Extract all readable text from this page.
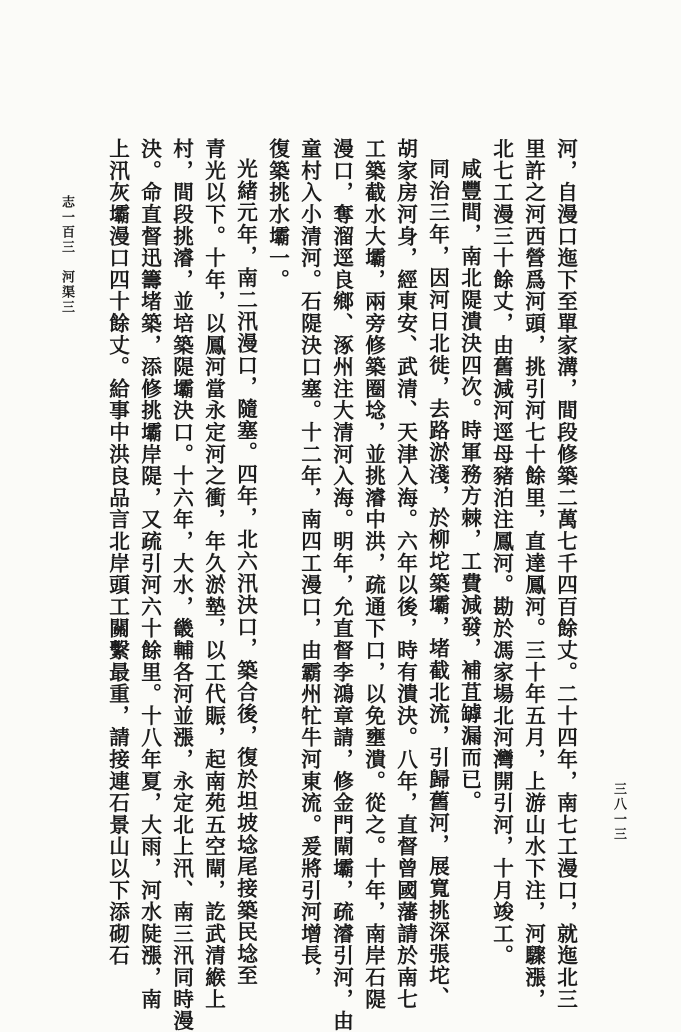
河，自漫口迤下至單家溝，間段修築二萬七千四百餘丈。二十四年，南七工漫口，就迤北三
里許之河西營爲河頭，挑引河七十餘里，直達鳳河。三十年五月，上游山水下注，河驟漲，
北七工漫三十餘丈，由舊減河逕母豬泊注鳳河。勘於馮家場北河灣開引河，十月竣工。
咸豐間，南北隄潰決四次。時軍務方棘，工費減發，補苴罅漏而已。
同治三年，因河日北徙，去路淤淺，於柳坨築壩，堵截北流，引歸舊河，展寬挑深張坨、
胡家房河身，經東安、武清、天津入海。六年以後，時有潰決。八年，直督曾國藩請於南七
工築截水大壩，兩旁修築圈埝，並挑濬中洪，疏通下口，以免壅潰。從之。十年，南岸石隄
漫口，奪溜逕良鄉、涿州注大清河入海。明年，允直督李鴻章請，修金門閘壩，疏濬引河，由
童村入小清河。石隄決口塞。十二年，南四工漫口，由霸州牤牛河東流。爰將引河增長，
復築挑水壩一。
光緒元年，南二汛漫口，隨塞。四年，北六汛決口，築合後，復於坦坡埝尾接築民埝至
青光以下。十年，以鳳河當永定河之衝，年久淤墊，以工代賑，起南苑五空閘，訖武清緱上
村，間段挑濬，並培築隄壩決口。十六年，大水，畿輔各河並漲，永定北上汛、南三汛同時漫
決。命直督迅籌堵築，添修挑壩岸隄，又疏引河六十餘里。十八年夏，大雨，河水陡漲，南
上汛灰壩漫口四十餘丈。給事中洪良品言北岸頭工關繫最重，請接連石景山以下添砌石
志一百三　河渠三
三八一三
